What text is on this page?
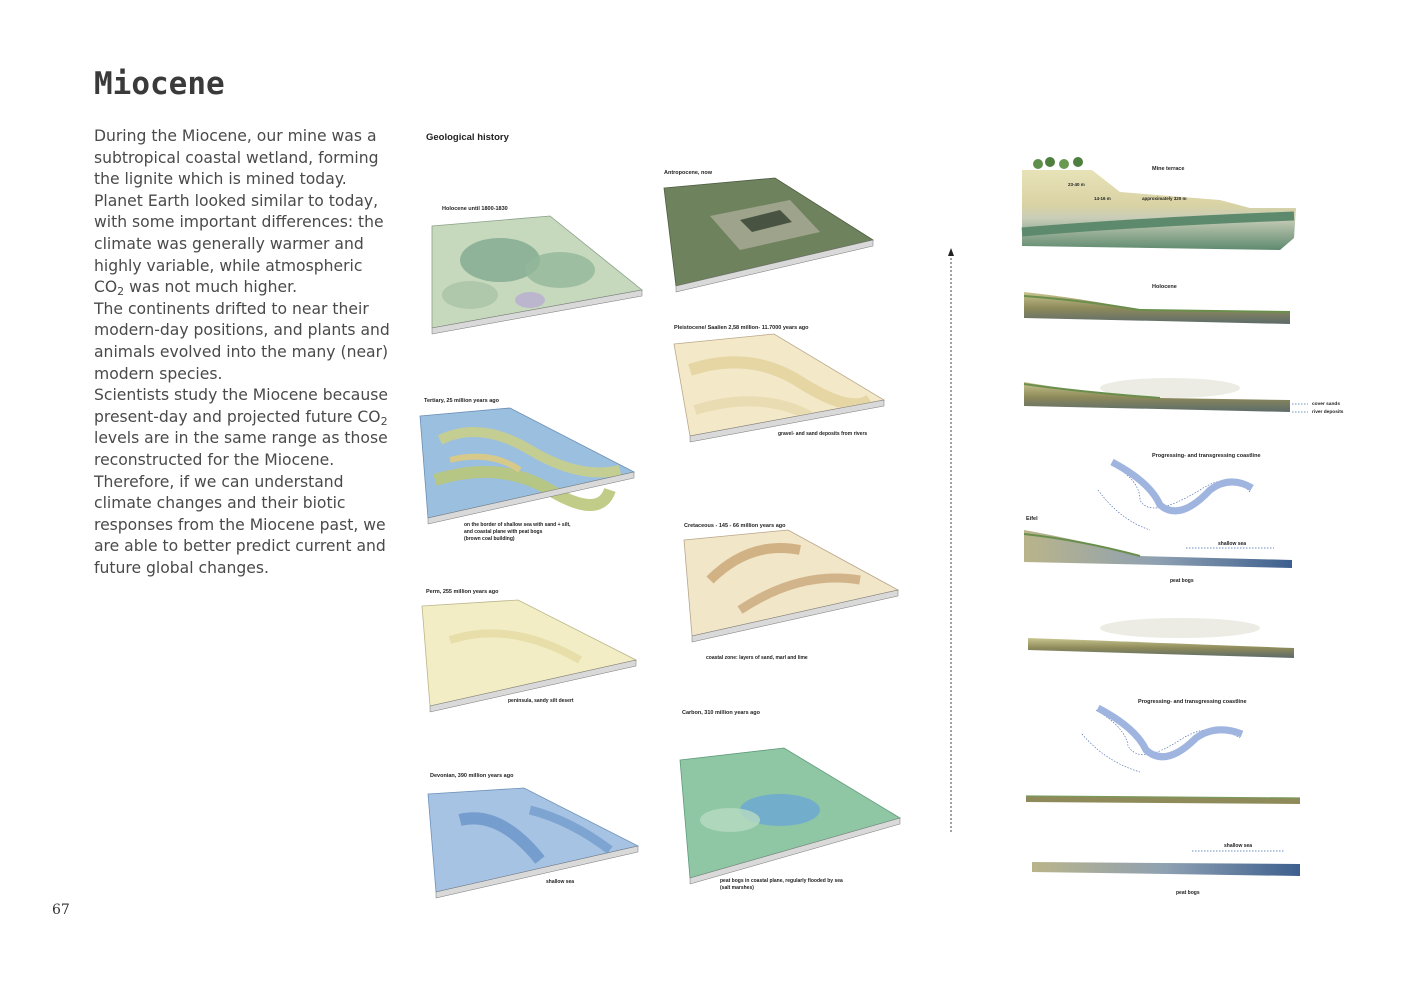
Miocene

During the Miocene, our mine was a subtropical coastal wetland, forming the lignite which is mined today. Planet Earth looked similar to today, with some important differences: the climate was generally warmer and highly variable, while atmospheric $CO_2$ was not much higher.

The continents drifted to near their modern-day positions, and plants and animals evolved into the many (near) modern species.

Scientists study the Miocene because present-day and projected future $CO_2$ levels are in the same range as those reconstructed for the Miocene. Therefore, if we can understand climate changes and their biotic responses from the Miocene past, we are able to better predict current and future global changes.

67
Geological history
Holocene until 1800-1830
Antropocene, now
Tertiary, 25 million years ago
on the border of shallow sea with sand + silt,
and coastal plane with peat bogs
(brown coal building)
Pleistocene/ Saalien 2,58 million- 11.7000 years ago
gravel- and sand deposits from rivers
Perm, 255 million years ago
peninsula, sandy silt desert
Cretaceous - 145 - 66 million years ago
coastal zone: layers of sand, marl and lime
Devonian, 390 million years ago
shallow sea
Carbon, 310 million years ago
peat bogs in coastal plane, regularly flooded by sea
(salt marshes)
Mine terrace
23-40 m
14-16 m	approximately 320 m
Holocene
cover sands
river deposits
Progressing- and transgressing coastline
Eifel
shallow sea
peat bogs
Progressing- and transgressing coastline
shallow sea
peat bogs
